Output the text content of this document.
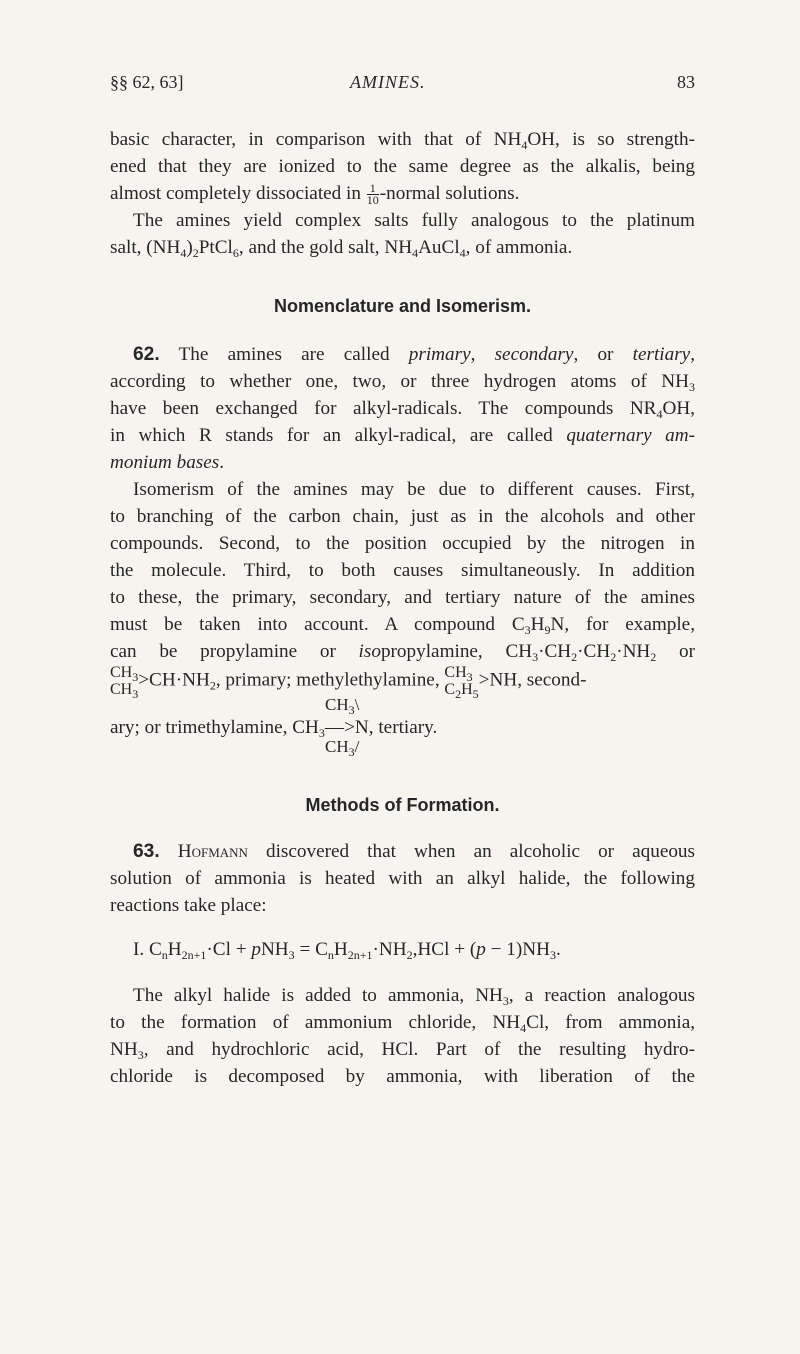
§§ 62, 63]	AMINES.	83
basic character, in comparison with that of $NH_4OH$, is so strength-
ened that they are ionized to the same degree as the alkalis, being
almost completely dissociated in $\frac{1}{10}$ -normal solutions.
The amines yield complex salts fully analogous to the platinum
salt, $(NH_4)_2PtCl_6$, and the gold salt, $NH_4AuCl_4$, of ammonia.
Nomenclature and Isomerism.
62. The amines are called primary, secondary, or tertiary,
according to whether one, two, or three hydrogen atoms of $NH_3$
have been exchanged for alkyl-radicals. The compounds $NR_4OH$,
in which R stands for an alkyl-radical, are called quaternary am-
monium bases.
Isomerism of the amines may be due to different causes. First,
to branching of the carbon chain, just as in the alcohols and other
compounds. Second, to the position occupied by the nitrogen in
the molecule. Third, to both causes simultaneously. In addition
to these, the primary, secondary, and tertiary nature of the amines
must be taken into account. A compound $C_3H_9N$, for example,
can be propylamine or isopropylamine, $CH_3\cdot CH_2\cdot CH_2\cdot NH_2$ or
$CH_3$
$CH_3$
$>CH\cdot NH_2$, primary; methylethylamine, $CH_3$
$C_2H_5$
>NH, second-
$CH_3\backslash$
ary; or trimethylamine, $CH_3—>N$, tertiary.
$CH_3/$
Methods of Formation.
63. Hofmann discovered that when an alcoholic or aqueous
solution of ammonia is heated with an alkyl halide, the following
reactions take place:
I. $C_nH_{2n+1}\cdot Cl + pNH_3 = C_nH_{2n+1}\cdot NH_2,HCl + (p - 1)NH_3$.
The alkyl halide is added to ammonia, $NH_3$, a reaction analogous
to the formation of ammonium chloride, $NH_4Cl$, from ammonia,
$NH_3$, and hydrochloric acid, HCl. Part of the resulting hydro-
chloride is decomposed by ammonia, with liberation of the
